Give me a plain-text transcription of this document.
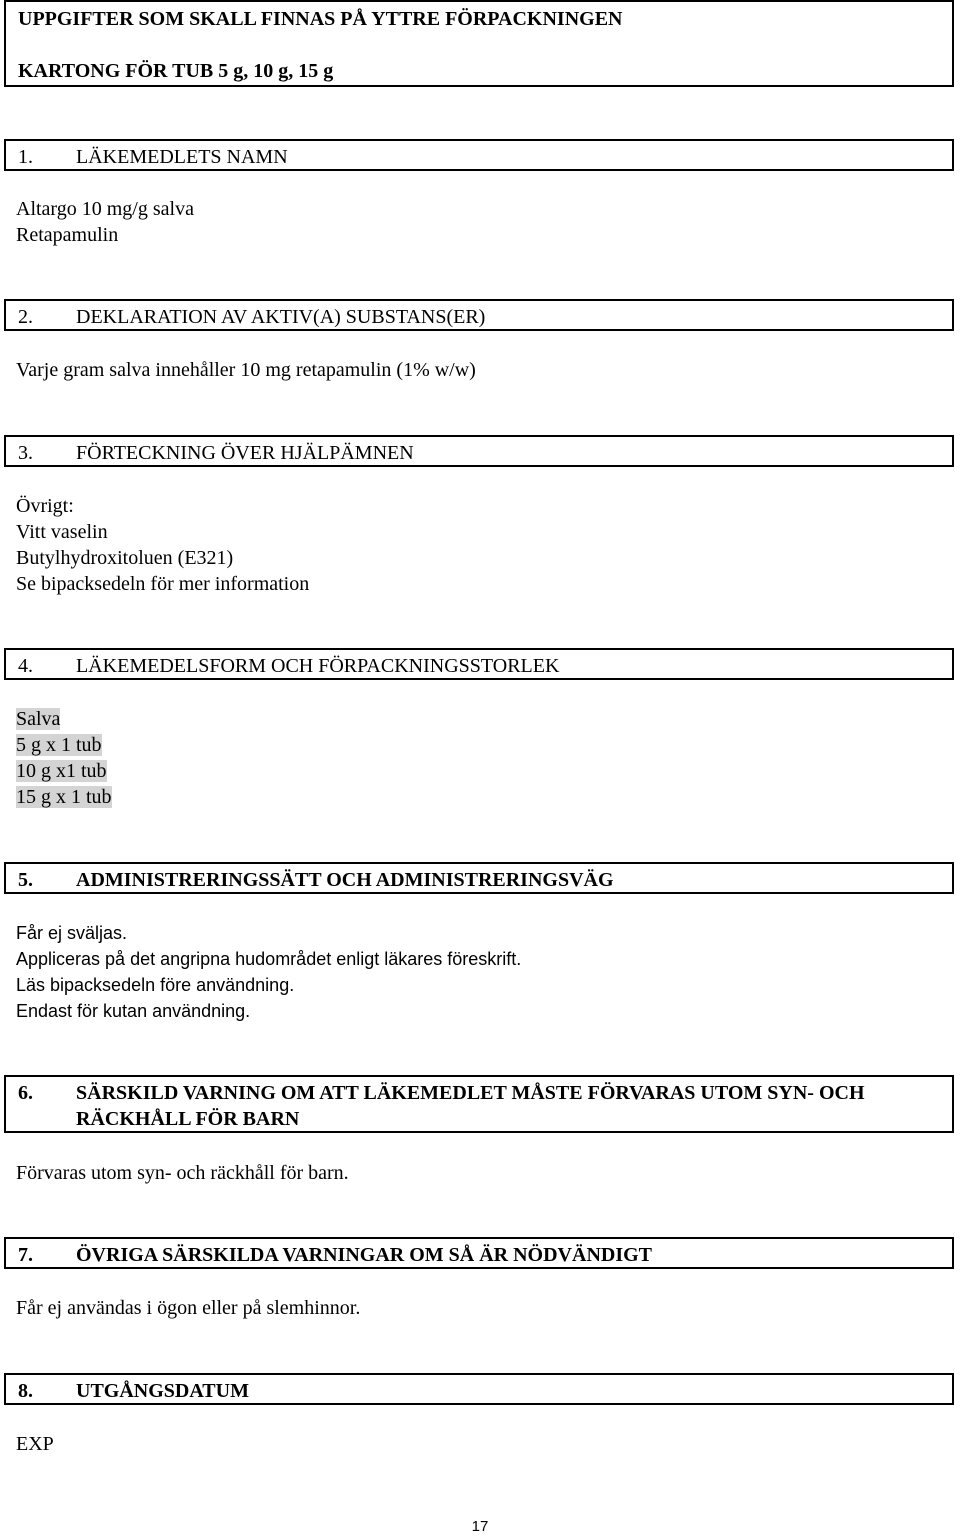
UPPGIFTER SOM SKALL FINNAS PÅ YTTRE FÖRPACKNINGEN
KARTONG FÖR TUB 5 g, 10 g, 15 g
1.	LÄKEMEDLETS NAMN
Altargo 10 mg/g salva
Retapamulin
2.	DEKLARATION AV AKTIV(A) SUBSTANS(ER)
Varje gram salva innehåller 10 mg retapamulin (1% w/w)
3.	FÖRTECKNING ÖVER HJÄLPÄMNEN
Övrigt:
Vitt vaselin
Butylhydroxitoluen (E321)
Se bipacksedeln för mer information
4.	LÄKEMEDELSFORM OCH FÖRPACKNINGSSTORLEK
Salva
5 g x 1 tub
10 g x1 tub
15 g x 1 tub
5.	ADMINISTRERINGSSÄTT OCH ADMINISTRERINGSVÄG
Får ej sväljas.
Appliceras på det angripna hudområdet enligt läkares föreskrift.
Läs bipacksedeln före användning.
Endast för kutan användning.
6.	SÄRSKILD VARNING OM ATT LÄKEMEDLET MÅSTE FÖRVARAS UTOM SYN- OCH RÄCKHÅLL FÖR BARN
Förvaras utom syn- och räckhåll för barn.
7.	ÖVRIGA SÄRSKILDA VARNINGAR OM SÅ ÄR NÖDVÄNDIGT
Får ej användas i ögon eller på slemhinnor.
8.	UTGÅNGSDATUM
EXP
17
